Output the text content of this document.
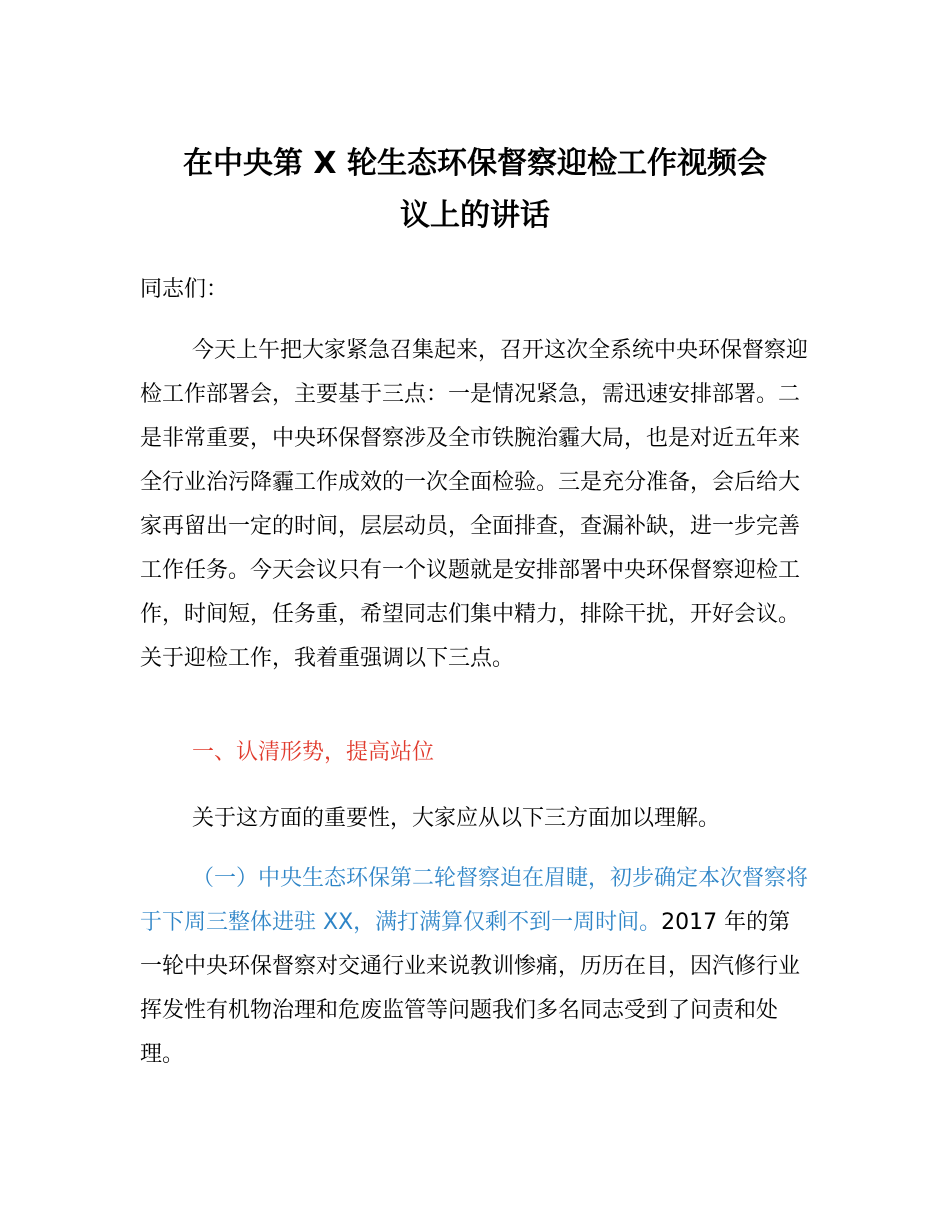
在中央第 X 轮生态环保督察迎检工作视频会
议上的讲话

同志们：

今天上午把大家紧急召集起来，召开这次全系统中央环保督察迎检工作部署会，主要基于三点：一是情况紧急，需迅速安排部署。二是非常重要，中央环保督察涉及全市铁腕治霾大局，也是对近五年来全行业治污降霾工作成效的一次全面检验。三是充分准备，会后给大家再留出一定的时间，层层动员，全面排查，查漏补缺，进一步完善工作任务。今天会议只有一个议题就是安排部署中央环保督察迎检工作，时间短，任务重，希望同志们集中精力，排除干扰，开好会议。关于迎检工作，我着重强调以下三点。

一、认清形势，提高站位

关于这方面的重要性，大家应从以下三方面加以理解。

（一）中央生态环保第二轮督察迫在眉睫，初步确定本次督察将于下周三整体进驻 XX，满打满算仅剩不到一周时间。2017 年的第一轮中央环保督察对交通行业来说教训惨痛，历历在目，因汽修行业挥发性有机物治理和危废监管等问题我们多名同志受到了问责和处理。
